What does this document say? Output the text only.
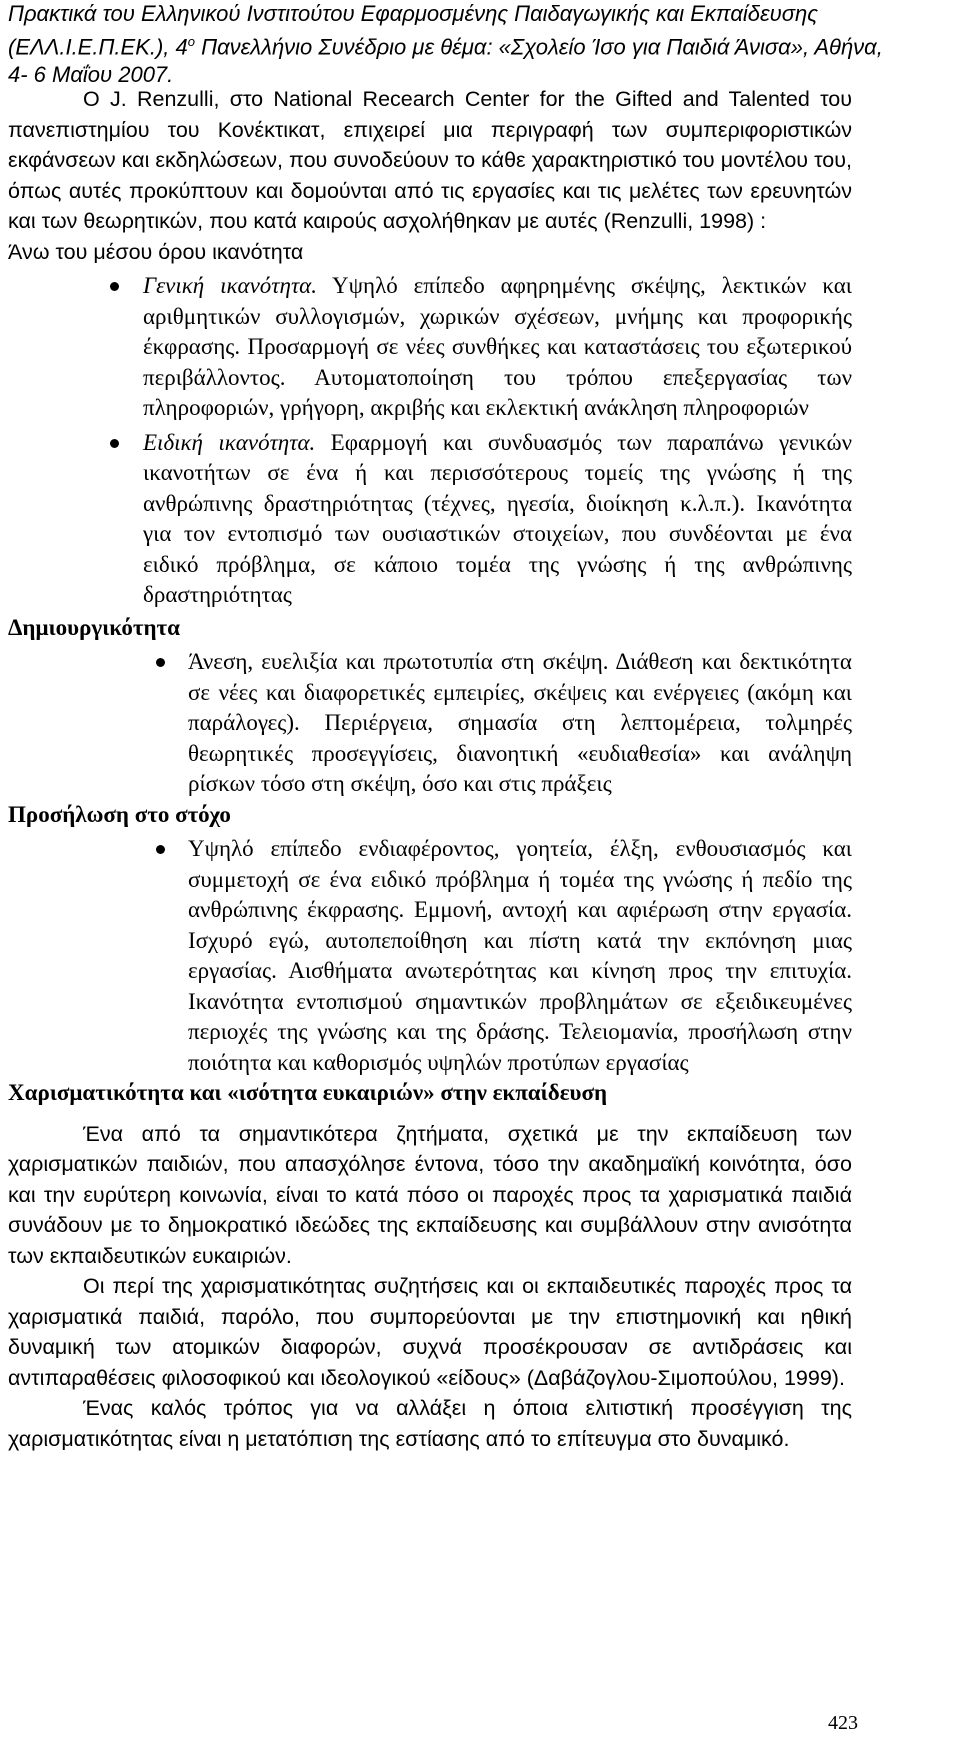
Πρακτικά του Ελληνικού Ινστιτούτου Εφαρμοσμένης Παιδαγωγικής και Εκπαίδευσης
(ΕΛΛ.Ι.Ε.Π.ΕΚ.), $4^o$ Πανελλήνιο Συνέδριο με θέμα: «Σχολείο Ίσο για Παιδιά Άνισα», Αθήνα,
4- 6 Μαΐου 2007.

Ο J. Renzulli, στο National Recearch Center for the Gifted and Talented του πανεπιστημίου του Κονέκτικατ, επιχειρεί μια περιγραφή των συμπεριφοριστικών εκφάνσεων και εκδηλώσεων, που συνοδεύουν το κάθε χαρακτηριστικό του μοντέλου του, όπως αυτές προκύπτουν και δομούνται από τις εργασίες και τις μελέτες των ερευνητών και των θεωρητικών, που κατά καιρούς ασχολήθηκαν με αυτές (Renzulli, 1998) :

Άνω του μέσου όρου ικανότητα

Γενική ικανότητα. Υψηλό επίπεδο αφηρημένης σκέψης, λεκτικών και αριθμητικών συλλογισμών, χωρικών σχέσεων, μνήμης και προφορικής έκφρασης. Προσαρμογή σε νέες συνθήκες και καταστάσεις του εξωτερικού περιβάλλοντος. Αυτοματοποίηση του τρόπου επεξεργασίας των πληροφοριών, γρήγορη, ακριβής και εκλεκτική ανάκληση πληροφοριών
Ειδική ικανότητα. Εφαρμογή και συνδυασμός των παραπάνω γενικών ικανοτήτων σε ένα ή και περισσότερους τομείς της γνώσης ή της ανθρώπινης δραστηριότητας (τέχνες, ηγεσία, διοίκηση κ.λ.π.). Ικανότητα για τον εντοπισμό των ουσιαστικών στοιχείων, που συνδέονται με ένα ειδικό πρόβλημα, σε κάποιο τομέα της γνώσης ή της ανθρώπινης δραστηριότητας

Δημιουργικότητα

Άνεση, ευελιξία και πρωτοτυπία στη σκέψη. Διάθεση και δεκτικότητα σε νέες και διαφορετικές εμπειρίες, σκέψεις και ενέργειες (ακόμη και παράλογες). Περιέργεια, σημασία στη λεπτομέρεια, τολμηρές θεωρητικές προσεγγίσεις, διανοητική «ευδιαθεσία» και ανάληψη ρίσκων τόσο στη σκέψη, όσο και στις πράξεις

Προσήλωση στο στόχο

Υψηλό επίπεδο ενδιαφέροντος, γοητεία, έλξη, ενθουσιασμός και συμμετοχή σε ένα ειδικό πρόβλημα ή τομέα της γνώσης ή πεδίο της ανθρώπινης έκφρασης. Εμμονή, αντοχή και αφιέρωση στην εργασία. Ισχυρό εγώ, αυτοπεποίθηση και πίστη κατά την εκπόνηση μιας εργασίας. Αισθήματα ανωτερότητας και κίνηση προς την επιτυχία. Ικανότητα εντοπισμού σημαντικών προβλημάτων σε εξειδικευμένες περιοχές της γνώσης και της δράσης. Τελειομανία, προσήλωση στην ποιότητα και καθορισμός υψηλών προτύπων εργασίας

Χαρισματικότητα και «ισότητα ευκαιριών» στην εκπαίδευση

Ένα από τα σημαντικότερα ζητήματα, σχετικά με την εκπαίδευση των χαρισματικών παιδιών, που απασχόλησε έντονα, τόσο την ακαδημαϊκή κοινότητα, όσο και την ευρύτερη κοινωνία, είναι το κατά πόσο οι παροχές προς τα χαρισματικά παιδιά συνάδουν με το δημοκρατικό ιδεώδες της εκπαίδευσης και συμβάλλουν στην ανισότητα των εκπαιδευτικών ευκαιριών.

Οι περί της χαρισματικότητας συζητήσεις και οι εκπαιδευτικές παροχές προς τα χαρισματικά παιδιά, παρόλο, που συμπορεύονται με την επιστημονική και ηθική δυναμική των ατομικών διαφορών, συχνά προσέκρουσαν σε αντιδράσεις και αντιπαραθέσεις φιλοσοφικού και ιδεολογικού «είδους» (Δαβάζογλου-Σιμοπούλου, 1999).

Ένας καλός τρόπος για να αλλάξει η όποια ελιτιστική προσέγγιση της χαρισματικότητας είναι η μετατόπιση της εστίασης από το επίτευγμα στο δυναμικό.

423
